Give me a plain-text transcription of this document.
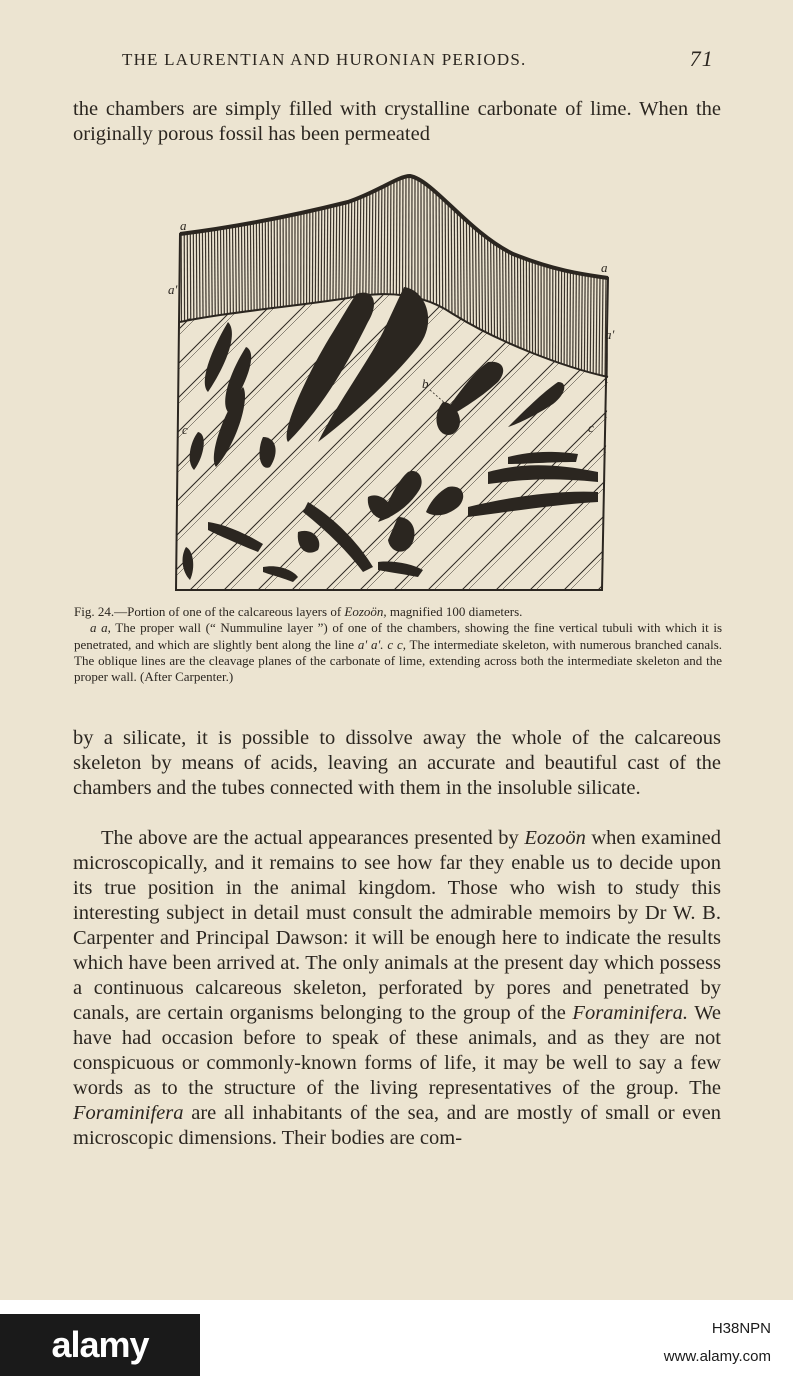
THE LAURENTIAN AND HURONIAN PERIODS.	71

the chambers are simply filled with crystalline carbonate of lime. When the originally porous fossil has been permeated

a
a'
a
a'
b
c	c

Fig. 24.—Portion of one of the calcareous layers of Eozoön, magnified 100 diameters.
a a, The proper wall (“ Nummuline layer ”) of one of the chambers, showing the fine vertical tubuli with which it is penetrated, and which are slightly bent along the line a' a'. c c, The intermediate skeleton, with numerous branched canals. The oblique lines are the cleavage planes of the carbonate of lime, extending across both the intermediate skeleton and the proper wall. (After Carpenter.)

by a silicate, it is possible to dissolve away the whole of the calcareous skeleton by means of acids, leaving an accurate and beautiful cast of the chambers and the tubes connected with them in the insoluble silicate.

The above are the actual appearances presented by Eozoön when examined microscopically, and it remains to see how far they enable us to decide upon its true position in the animal kingdom. Those who wish to study this interesting subject in detail must consult the admirable memoirs by Dr W. B. Carpenter and Principal Dawson: it will be enough here to indicate the results which have been arrived at. The only animals at the present day which possess a continuous calcareous skeleton, perforated by pores and penetrated by canals, are certain organisms belonging to the group of the Foraminifera. We have had occasion before to speak of these animals, and as they are not conspicuous or commonly-known forms of life, it may be well to say a few words as to the structure of the living representatives of the group. The Foraminifera are all inhabitants of the sea, and are mostly of small or even microscopic dimensions. Their bodies are com-

alamy	H38NPN
www.alamy.com
